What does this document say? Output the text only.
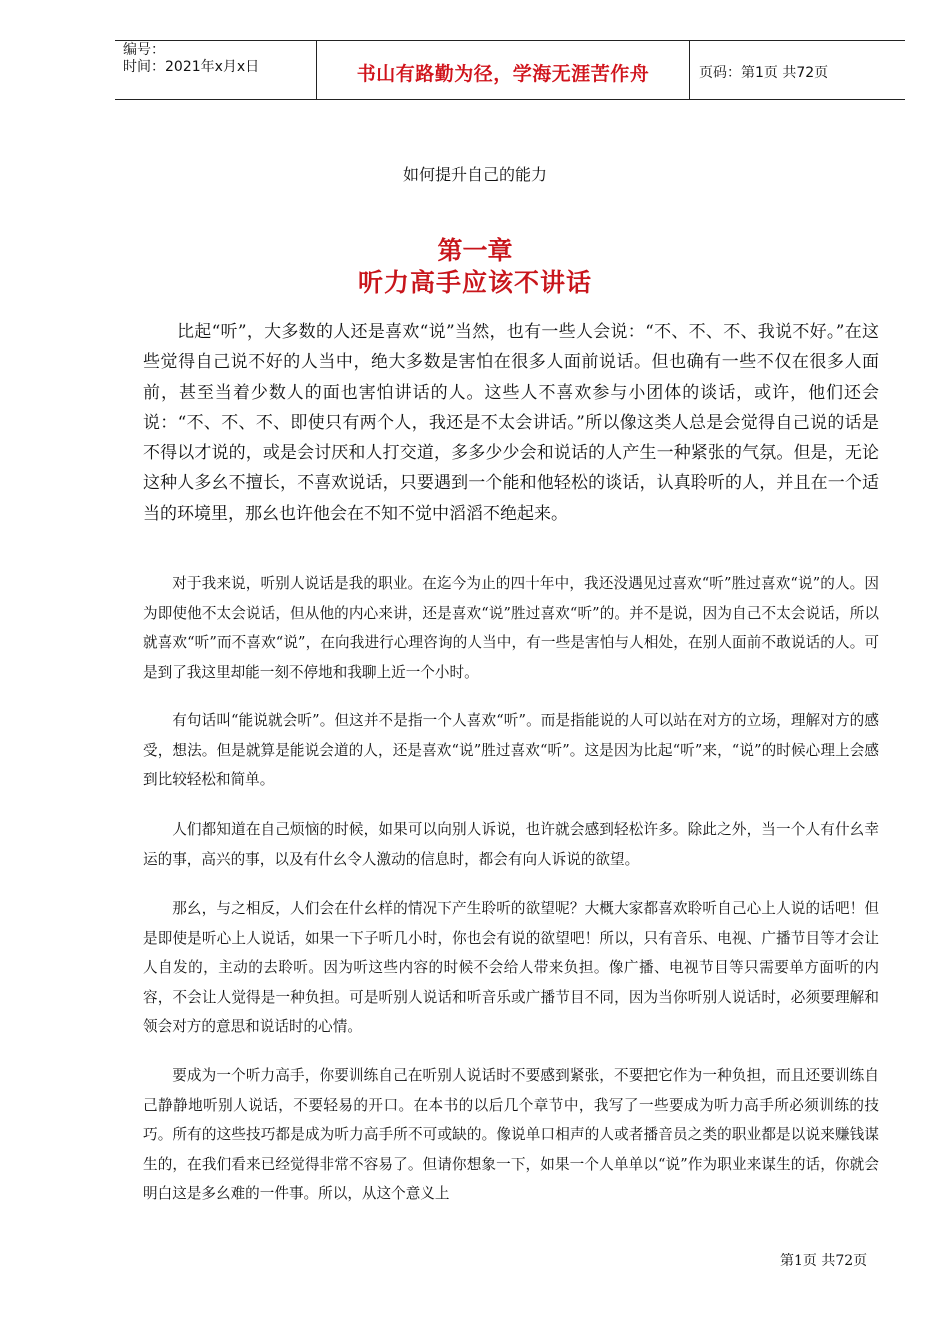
编号：
时间：2021年x月x日	书山有路勤为径，学海无涯苦作舟	页码：第1页 共72页
如何提升自己的能力
第一章
听力高手应该不讲话

比起“听”，大多数的人还是喜欢“说”当然，也有一些人会说：“不、不、不、我说不好。”在这些觉得自己说不好的人当中，绝大多数是害怕在很多人面前说话。但也确有一些不仅在很多人面前，甚至当着少数人的面也害怕讲话的人。这些人不喜欢参与小团体的谈话，或许，他们还会说：“不、不、不、即使只有两个人，我还是不太会讲话。”所以像这类人总是会觉得自己说的话是不得以才说的，或是会讨厌和人打交道，多多少少会和说话的人产生一种紧张的气氛。但是，无论这种人多幺不擅长，不喜欢说话，只要遇到一个能和他轻松的谈话，认真聆听的人，并且在一个适当的环境里，那幺也许他会在不知不觉中滔滔不绝起来。

对于我来说，听别人说话是我的职业。在迄今为止的四十年中，我还没遇见过喜欢“听”胜过喜欢“说”的人。因为即使他不太会说话，但从他的内心来讲，还是喜欢“说”胜过喜欢“听”的。并不是说，因为自己不太会说话，所以就喜欢“听”而不喜欢“说”，在向我进行心理咨询的人当中，有一些是害怕与人相处，在别人面前不敢说话的人。可是到了我这里却能一刻不停地和我聊上近一个小时。

有句话叫“能说就会听”。但这并不是指一个人喜欢“听”。而是指能说的人可以站在对方的立场，理解对方的感受，想法。但是就算是能说会道的人，还是喜欢“说”胜过喜欢“听”。这是因为比起“听”来，“说”的时候心理上会感到比较轻松和简单。

人们都知道在自己烦恼的时候，如果可以向别人诉说，也许就会感到轻松许多。除此之外，当一个人有什幺幸运的事，高兴的事，以及有什幺令人激动的信息时，都会有向人诉说的欲望。

那幺，与之相反，人们会在什幺样的情况下产生聆听的欲望呢？大概大家都喜欢聆听自己心上人说的话吧！但是即使是听心上人说话，如果一下子听几小时，你也会有说的欲望吧！所以，只有音乐、电视、广播节目等才会让人自发的，主动的去聆听。因为听这些内容的时候不会给人带来负担。像广播、电视节目等只需要单方面听的内容，不会让人觉得是一种负担。可是听别人说话和听音乐或广播节目不同，因为当你听别人说话时，必须要理解和领会对方的意思和说话时的心情。

要成为一个听力高手，你要训练自己在听别人说话时不要感到紧张，不要把它作为一种负担，而且还要训练自己静静地听别人说话，不要轻易的开口。在本书的以后几个章节中，我写了一些要成为听力高手所必须训练的技巧。所有的这些技巧都是成为听力高手所不可或缺的。像说单口相声的人或者播音员之类的职业都是以说来赚钱谋生的，在我们看来已经觉得非常不容易了。但请你想象一下，如果一个人单单以“说”作为职业来谋生的话，你就会明白这是多幺难的一件事。所以，从这个意义上

第1页 共72页
